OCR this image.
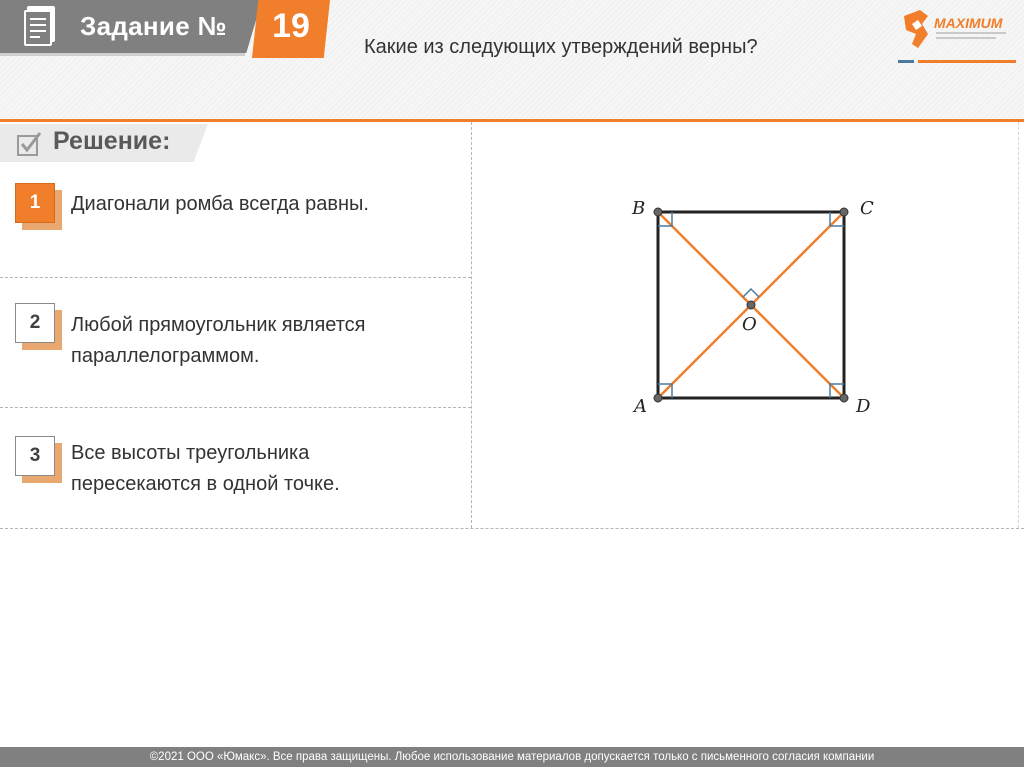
Задание №	19
Какие из следующих утверждений верны?
MAXIMUM
Решение:
1	Диагонали ромба всегда равны.
2	Любой прямоугольник является
параллелограммом.
3	Все высоты треугольника
пересекаются в одной точке.
B	C
A	D
O
©2021 ООО «Юмакс». Все права защищены. Любое использование материалов допускается только с письменного согласия компании
